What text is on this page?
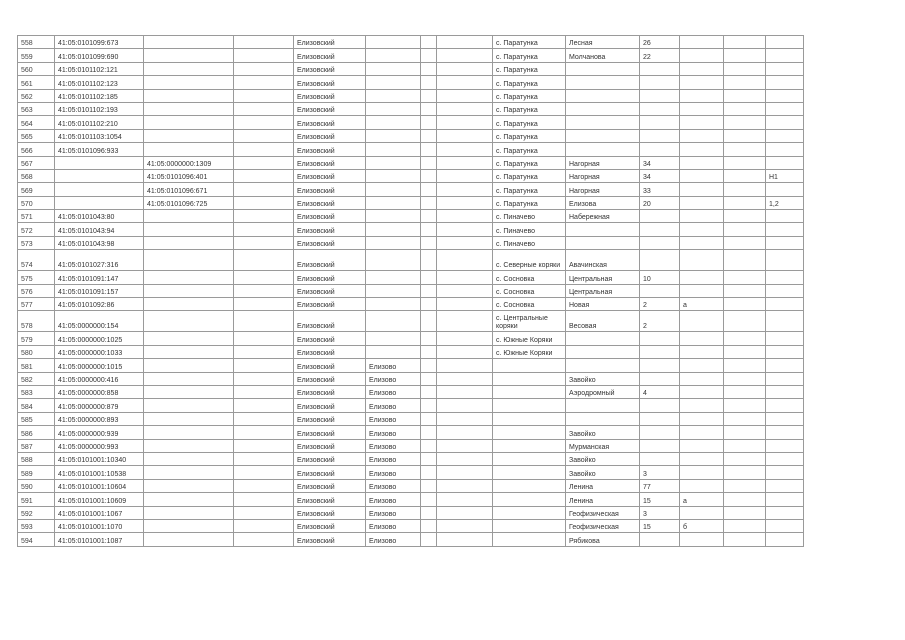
558	41:05:0101099:673			Елизовский				с. Паратунка	Лесная	26			
559	41:05:0101099:690			Елизовский				с. Паратунка	Молчанова	22			
560	41:05:0101102:121			Елизовский				с. Паратунка					
561	41:05:0101102:123			Елизовский				с. Паратунка					
562	41:05:0101102:185			Елизовский				с. Паратунка					
563	41:05:0101102:193			Елизовский				с. Паратунка					
564	41:05:0101102:210			Елизовский				с. Паратунка					
565	41:05:0101103:1054			Елизовский				с. Паратунка					
566	41:05:0101096:933			Елизовский				с. Паратунка					
567		41:05:0000000:1309		Елизовский				с. Паратунка	Нагорная	34			
568		41:05:0101096:401		Елизовский				с. Паратунка	Нагорная	34			Н1
569		41:05:0101096:671		Елизовский				с. Паратунка	Нагорная	33			
570		41:05:0101096:725		Елизовский				с. Паратунка	Елизова	20			1,2
571	41:05:0101043:80			Елизовский				с. Пиначево	Набережная				
572	41:05:0101043:94			Елизовский				с. Пиначево					
573	41:05:0101043:98			Елизовский				с. Пиначево					
574	41:05:0101027:316			Елизовский				с. Северные коряки	Авачинская				
575	41:05:0101091:147			Елизовский				с. Сосновка	Центральная	10			
576	41:05:0101091:157			Елизовский				с. Сосновка	Центральная				
577	41:05:0101092:86			Елизовский				с. Сосновка	Новая	2	а		
578	41:05:0000000:154			Елизовский				с. Центральные коряки	Весовая	2			
579	41:05:0000000:1025			Елизовский				с. Южные Коряки					
580	41:05:0000000:1033			Елизовский				с. Южные Коряки					
581	41:05:0000000:1015			Елизовский	Елизово								
582	41:05:0000000:416			Елизовский	Елизово				Завойко				
583	41:05:0000000:858			Елизовский	Елизово				Аэродромный	4			
584	41:05:0000000:879			Елизовский	Елизово								
585	41:05:0000000:893			Елизовский	Елизово								
586	41:05:0000000:939			Елизовский	Елизово				Завойко				
587	41:05:0000000:993			Елизовский	Елизово				Мурманская				
588	41:05:0101001:10340			Елизовский	Елизово				Завойко				
589	41:05:0101001:10538			Елизовский	Елизово				Завойко	3			
590	41:05:0101001:10604			Елизовский	Елизово				Ленина	77			
591	41:05:0101001:10609			Елизовский	Елизово				Ленина	15	а		
592	41:05:0101001:1067			Елизовский	Елизово				Геофизическая	3			
593	41:05:0101001:1070			Елизовский	Елизово				Геофизическая	15	б		
594	41:05:0101001:1087			Елизовский	Елизово				Рябикова				
